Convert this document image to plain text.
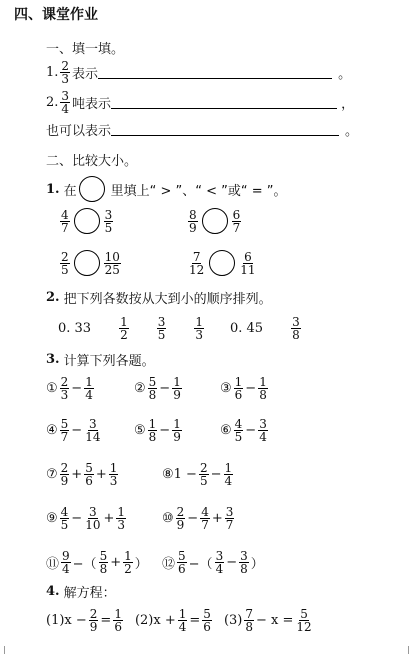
四、课堂作业
一、填一填。
1. $\frac{2}{3}$ 表示	。
2. $\frac{3}{4}$ 吨表示	，
也可以表示	。
二、比较大小。
1. 在	里填上“ > ”、“ < ”或“ = ”。
$\frac{4}{7}$	$\frac{3}{5}$	$\frac{8}{9}$	$\frac{6}{7}$
$\frac{2}{5}$	$\frac{10}{25}$	$\frac{7}{12}$	$\frac{6}{11}$
2. 把下列各数按从大到小的顺序排列。
0. $33 \frac{1}{2} \frac{3}{5} \frac{1}{3} 0$. $45 \frac{3}{8}$
3. 计算下列各题。
① $\frac{2}{3} - \frac{1}{4}$	② $\frac{5}{8} - \frac{1}{9}$	③ $\frac{1}{6} - \frac{1}{8}$
④ $\frac{5}{7} - \frac{3}{14}$	⑤ $\frac{1}{8} - \frac{1}{9}$	⑥ $\frac{4}{5} - \frac{3}{4}$
⑦ $\frac{2}{9} + \frac{5}{6} + \frac{1}{3}$	⑧1 − $\frac{2}{5} - \frac{1}{4}$
⑨ $\frac{4}{5} - \frac{3}{10} + \frac{1}{3}$	⑩ $\frac{2}{9} - \frac{4}{7} + \frac{3}{7}$
⑪ $\frac{9}{4}$ −（ $\frac{5}{8} + \frac{1}{2}$ ） ⑫ $\frac{5}{6}$ −（ $\frac{3}{4} - \frac{3}{8}$ ）
4. 解方程：
$(1)x - \frac{2}{9} = \frac{1}{6} (2)x + \frac{1}{4} = \frac{5}{6} (3) \frac{7}{8} - x = \frac{5}{12}$
